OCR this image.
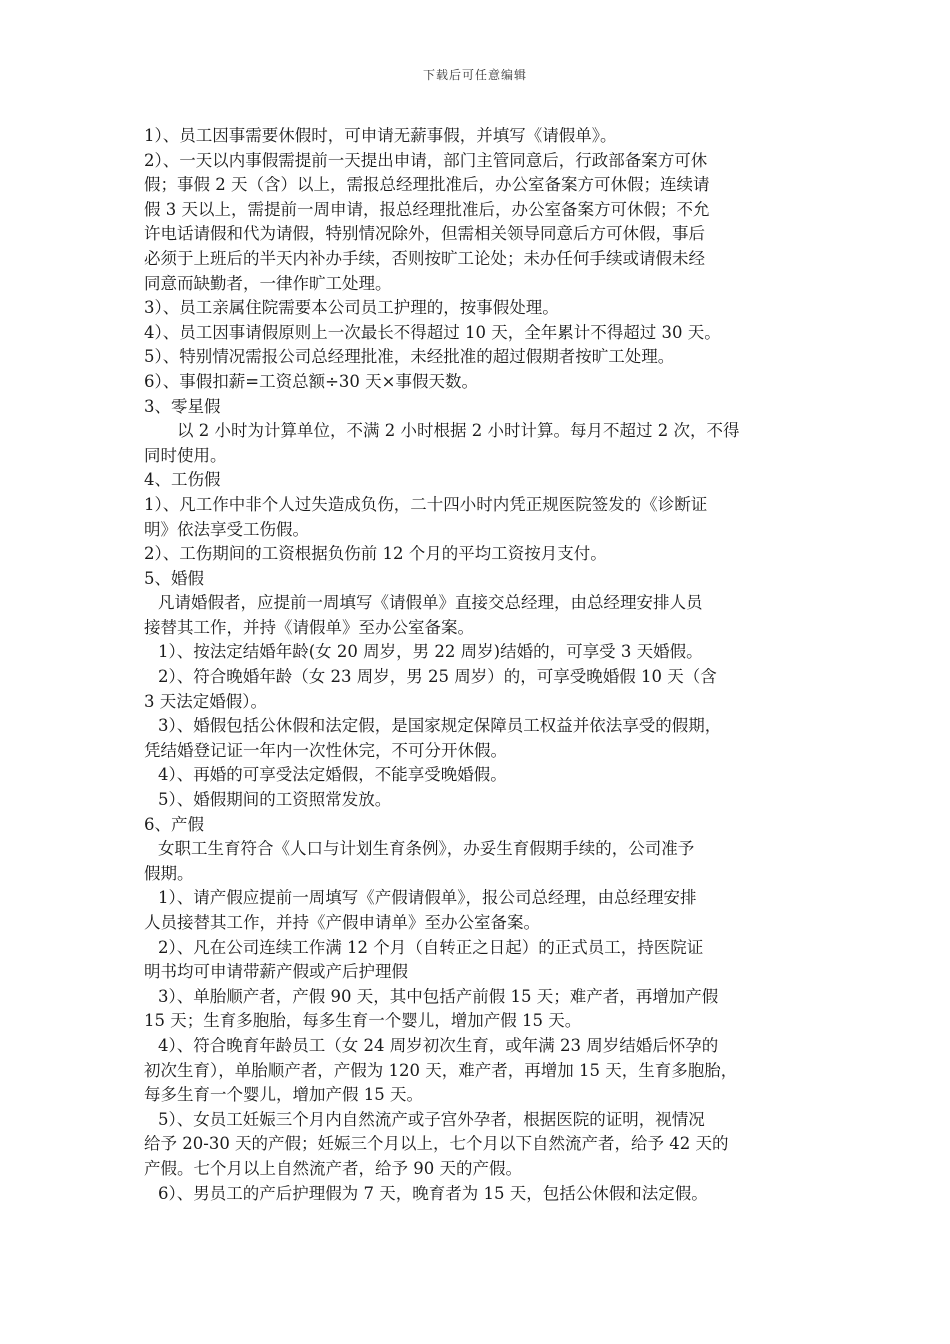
下载后可任意编辑

1）、员工因事需要休假时，可申请无薪事假，并填写《请假单》。

2）、一天以内事假需提前一天提出申请，部门主管同意后，行政部备案方可休

假；事假 2 天（含）以上，需报总经理批准后，办公室备案方可休假；连续请

假 3 天以上，需提前一周申请，报总经理批准后，办公室备案方可休假；不允

许电话请假和代为请假，特别情况除外，但需相关领导同意后方可休假，事后

必须于上班后的半天内补办手续，否则按旷工论处；未办任何手续或请假未经

同意而缺勤者，一律作旷工处理。

3）、员工亲属住院需要本公司员工护理的，按事假处理。

4）、员工因事请假原则上一次最长不得超过 10 天，全年累计不得超过 30 天。

5）、特别情况需报公司总经理批准，未经批准的超过假期者按旷工处理。

6）、事假扣薪=工资总额÷30 天×事假天数。

3、零星假

以 2 小时为计算单位，不满 2 小时根据 2 小时计算。每月不超过 2 次，不得

同时使用。

4、工伤假

1）、凡工作中非个人过失造成负伤，二十四小时内凭正规医院签发的《诊断证

明》依法享受工伤假。

2）、工伤期间的工资根据负伤前 12 个月的平均工资按月支付。

5、婚假

凡请婚假者，应提前一周填写《请假单》直接交总经理，由总经理安排人员

接替其工作，并持《请假单》至办公室备案。

1）、按法定结婚年龄(女 20 周岁，男 22 周岁)结婚的，可享受 3 天婚假。

2）、符合晚婚年龄（女 23 周岁，男 25 周岁）的，可享受晚婚假 10 天（含

3 天法定婚假）。

3）、婚假包括公休假和法定假，是国家规定保障员工权益并依法享受的假期，

凭结婚登记证一年内一次性休完，不可分开休假。

4）、再婚的可享受法定婚假，不能享受晚婚假。

5）、婚假期间的工资照常发放。

6、产假

女职工生育符合《人口与计划生育条例》，办妥生育假期手续的，公司准予

假期。

1）、请产假应提前一周填写《产假请假单》，报公司总经理，由总经理安排

人员接替其工作，并持《产假申请单》至办公室备案。

2）、凡在公司连续工作满 12 个月（自转正之日起）的正式员工，持医院证

明书均可申请带薪产假或产后护理假

3）、单胎顺产者，产假 90 天，其中包括产前假 15 天；难产者，再增加产假

15 天；生育多胞胎，每多生育一个婴儿，增加产假 15 天。

4）、符合晚育年龄员工（女 24 周岁初次生育，或年满 23 周岁结婚后怀孕的

初次生育），单胎顺产者，产假为 120 天，难产者，再增加 15 天，生育多胞胎，

每多生育一个婴儿，增加产假 15 天。

5）、女员工妊娠三个月内自然流产或子宫外孕者，根据医院的证明，视情况

给予 20-30 天的产假；妊娠三个月以上，七个月以下自然流产者，给予 42 天的

产假。七个月以上自然流产者，给予 90 天的产假。

6）、男员工的产后护理假为 7 天，晚育者为 15 天，包括公休假和法定假。
